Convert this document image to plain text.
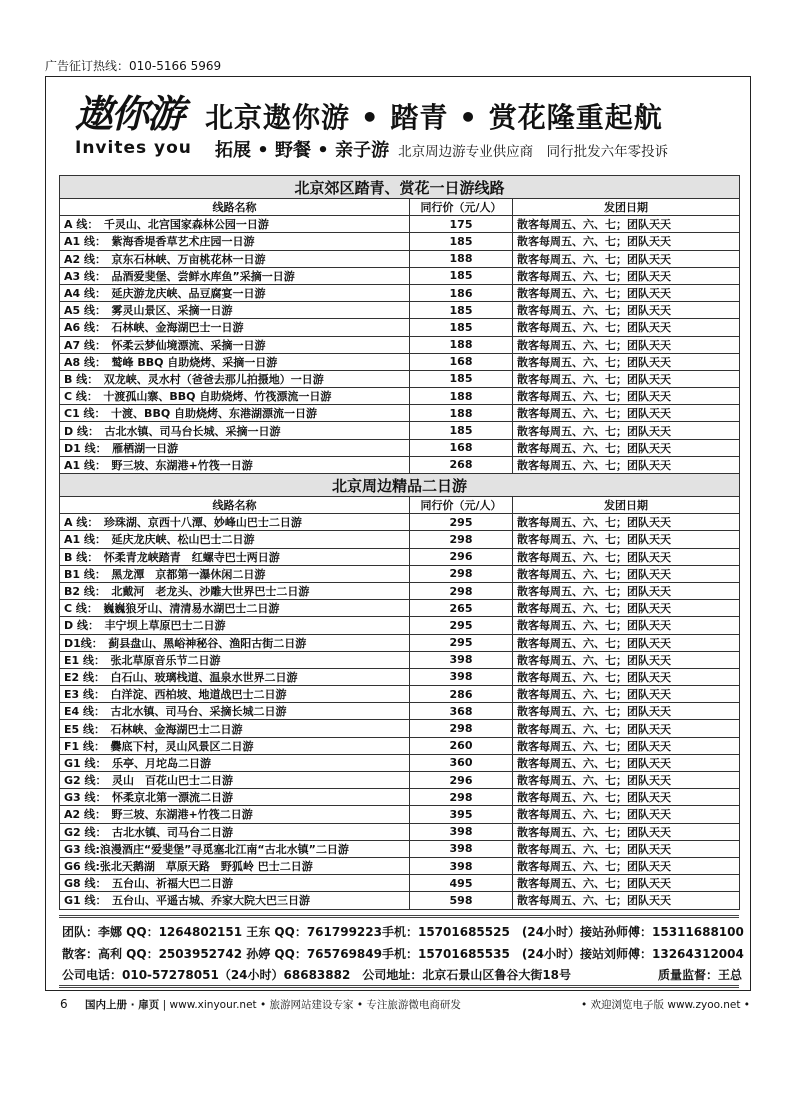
广告征订热线：010-5166 5969
遨你游
Invites you
北京遨你游 • 踏青 • 赏花隆重起航
拓展 • 野餐 • 亲子游 北京周边游专业供应商　同行批发六年零投诉
北京郊区踏青、赏花一日游线路		
线路名称	同行价（元/人）	发团日期
A 线：　千灵山、北宫国家森林公园一日游	175	散客每周五、六、七；团队天天
A1 线：　紫海香堤香草艺术庄园一日游	185	散客每周五、六、七；团队天天
A2 线：　京东石林峡、万亩桃花林一日游	188	散客每周五、六、七；团队天天
A3 线：　品酒爱斐堡、尝鲜水库鱼”采摘一日游	185	散客每周五、六、七；团队天天
A4 线：　延庆游龙庆峡、品豆腐宴一日游	186	散客每周五、六、七；团队天天
A5 线：　雾灵山景区、采摘一日游	185	散客每周五、六、七；团队天天
A6 线：　石林峡、金海湖巴士一日游	185	散客每周五、六、七；团队天天
A7 线：　怀柔云梦仙境漂流、采摘一日游	188	散客每周五、六、七；团队天天
A8 线：　鹫峰 BBQ 自助烧烤、采摘一日游	168	散客每周五、六、七；团队天天
B 线：　双龙峡、灵水村（爸爸去那儿拍摄地）一日游	185	散客每周五、六、七；团队天天
C 线：　十渡孤山寨、BBQ 自助烧烤、竹筏漂流一日游	188	散客每周五、六、七；团队天天
C1 线：　十渡、BBQ 自助烧烤、东港湖漂流一日游	188	散客每周五、六、七；团队天天
D 线：　古北水镇、司马台长城、采摘一日游	185	散客每周五、六、七；团队天天
D1 线：　雁栖湖一日游	168	散客每周五、六、七；团队天天
A1 线：　野三坡、东湖港+竹筏一日游	268	散客每周五、六、七；团队天天
北京周边精品二日游		
线路名称	同行价（元/人）	发团日期
A 线：　珍珠湖、京西十八潭、妙峰山巴士二日游	295	散客每周五、六、七；团队天天
A1 线：　延庆龙庆峡、松山巴士二日游	298	散客每周五、六、七；团队天天
B 线：　怀柔青龙峡踏青　红螺寺巴士两日游	296	散客每周五、六、七；团队天天
B1 线：　黑龙潭　京都第一瀑休闲二日游	298	散客每周五、六、七；团队天天
B2 线：　北戴河　老龙头、沙雕大世界巴士二日游	298	散客每周五、六、七；团队天天
C 线：　巍巍狼牙山、清清易水湖巴士二日游	265	散客每周五、六、七；团队天天
D 线：　丰宁坝上草原巴士二日游	295	散客每周五、六、七；团队天天
D1线：　蓟县盘山、黑峪神秘谷、渔阳古街二日游	295	散客每周五、六、七；团队天天
E1 线：　张北草原音乐节二日游	398	散客每周五、六、七；团队天天
E2 线：　白石山、玻璃栈道、温泉水世界二日游	398	散客每周五、六、七；团队天天
E3 线：　白洋淀、西柏坡、地道战巴士二日游	286	散客每周五、六、七；团队天天
E4 线：　古北水镇、司马台、采摘长城二日游	368	散客每周五、六、七；团队天天
E5 线：　石林峡、金海湖巴士二日游	298	散客每周五、六、七；团队天天
F1 线：　爨底下村，灵山风景区二日游	260	散客每周五、六、七；团队天天
G1 线：　乐亭、月坨岛二日游	360	散客每周五、六、七；团队天天
G2 线：　灵山　百花山巴士二日游	296	散客每周五、六、七；团队天天
G3 线：　怀柔京北第一漂流二日游	298	散客每周五、六、七；团队天天
A2 线：　野三坡、东湖港+竹筏二日游	395	散客每周五、六、七；团队天天
G2 线：　古北水镇、司马台二日游	398	散客每周五、六、七；团队天天
G3 线:浪漫酒庄“爱斐堡”寻觅塞北江南“古北水镇”二日游	398	散客每周五、六、七；团队天天
G6 线:张北天鹅湖　草原天路　野狐岭 巴士二日游	398	散客每周五、六、七；团队天天
G8 线：　五台山、祈福大巴二日游	495	散客每周五、六、七；团队天天
G1 线：　五台山、平遥古城、乔家大院大巴三日游	598	散客每周五、六、七；团队天天
团队：李娜 QQ：1264802151 王东 QQ：761799223手机：15701685525　(24小时）接站孙师傅：15311688100
散客：高利 QQ：2503952742 孙婷 QQ：765769849手机：15701685535　(24小时）接站刘师傅：13264312004
公司电话：010-57278051（24小时）68683882　公司地址：北京石景山区鲁谷大街18号	质量监督：王总
6 国内上册 · 扉页 | www.xinyour.net • 旅游网站建设专家 • 专注旅游微电商研发	• 欢迎浏览电子版 www.zyoo.net •
